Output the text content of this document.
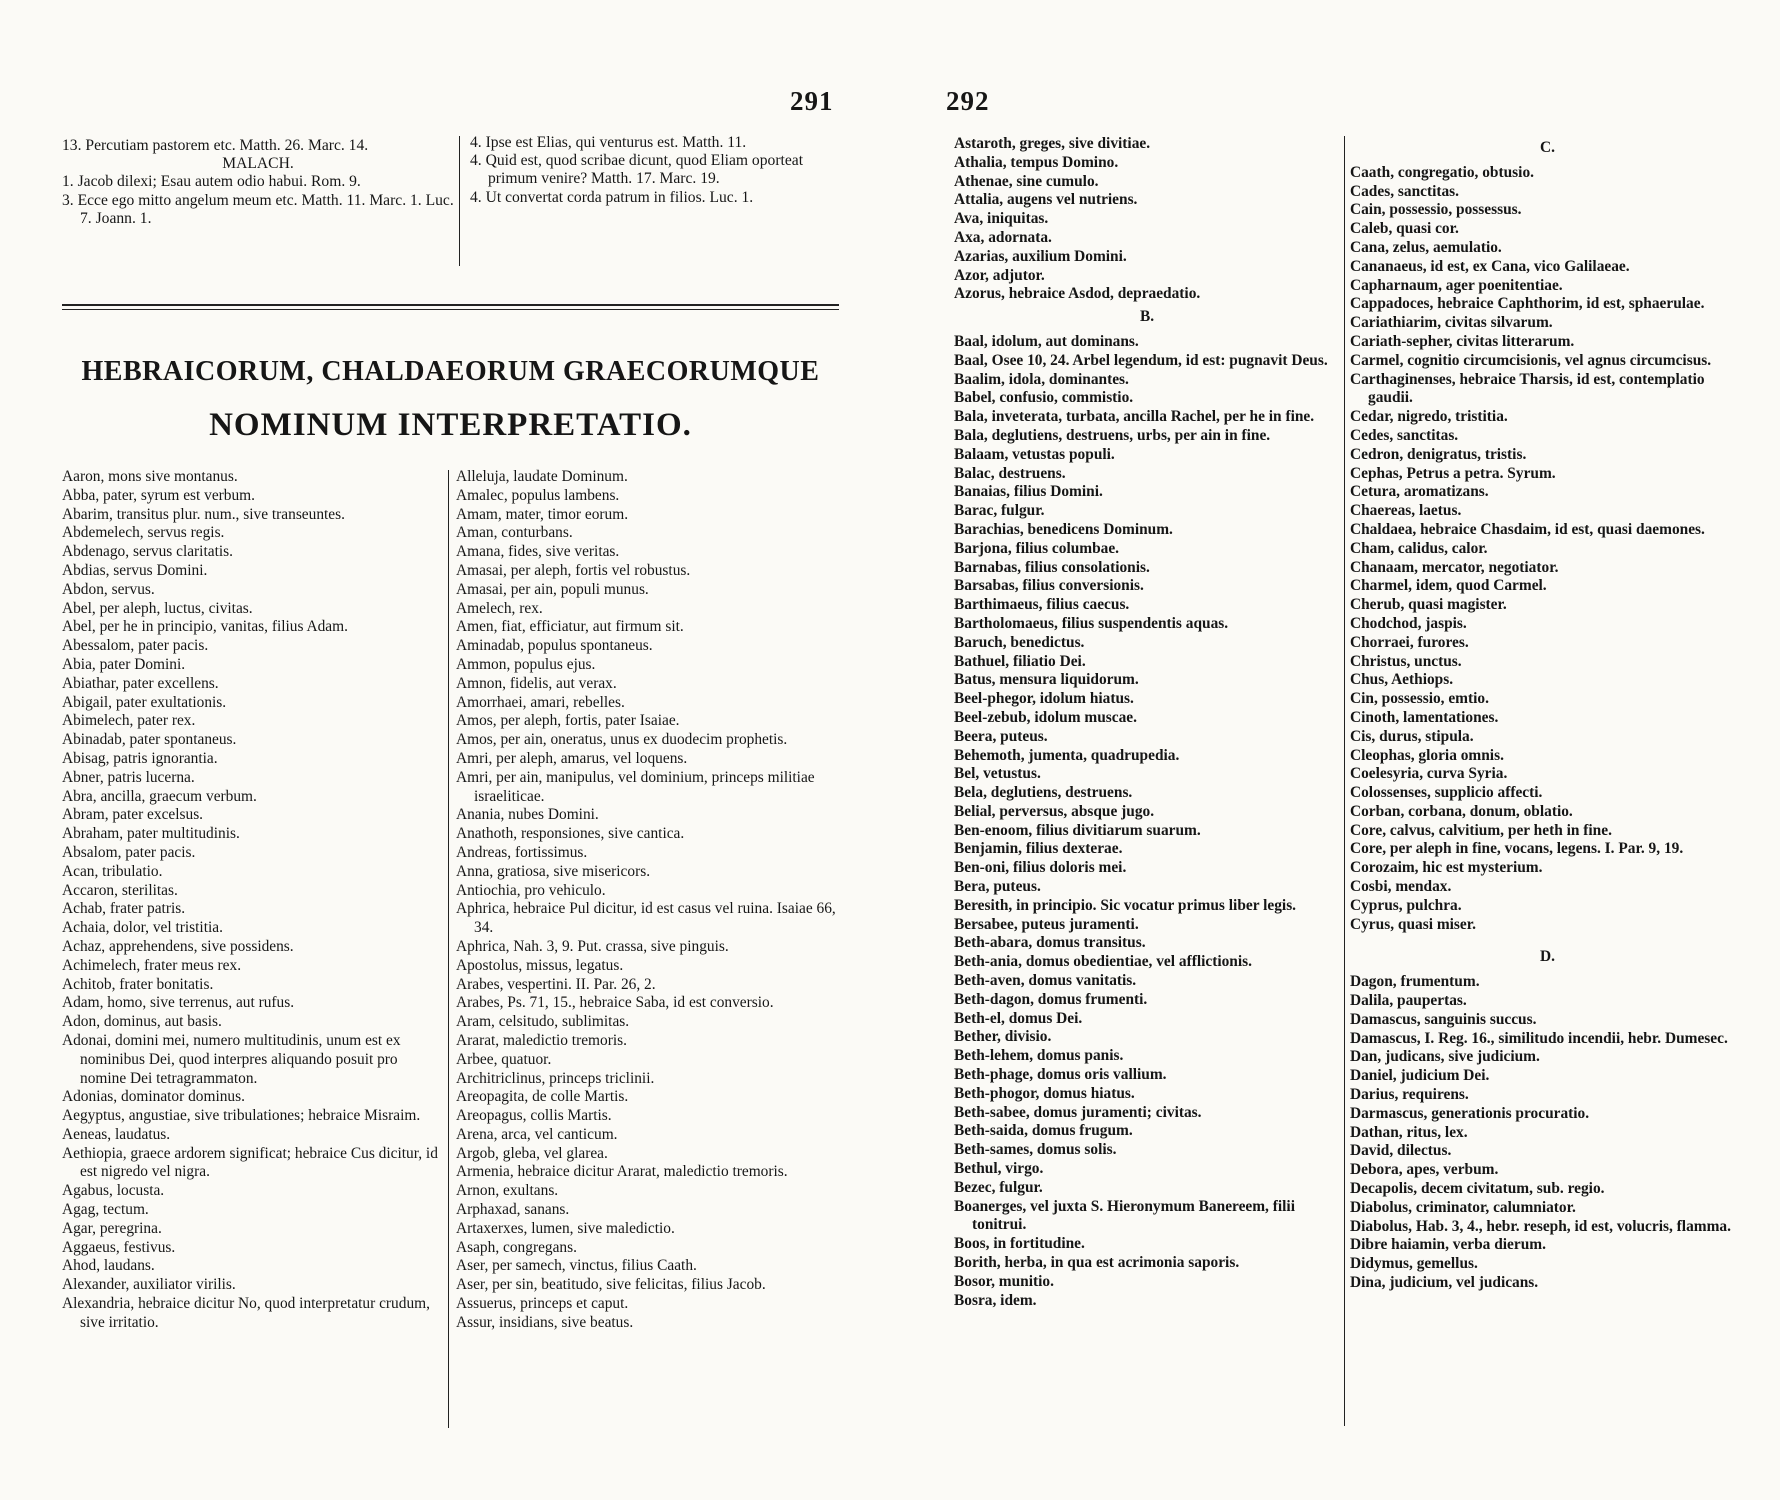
291	292
13. Percutiam pastorem etc. Matth. 26. Marc. 14.
MALACH.
1. Jacob dilexi; Esau autem odio habui. Rom. 9.
3. Ecce ego mitto angelum meum etc. Matth. 11. Marc. 1. Luc. 7. Joann. 1.
4. Ipse est Elias, qui venturus est. Matth. 11.
4. Quid est, quod scribae dicunt, quod Eliam oporteat primum venire? Matth. 17. Marc. 19.
4. Ut convertat corda patrum in filios. Luc. 1.
HEBRAICORUM, CHALDAEORUM GRAECORUMQUE
NOMINUM INTERPRETATIO.
Aaron, mons sive montanus.
Abba, pater, syrum est verbum.
Abarim, transitus plur. num., sive transeuntes.
Abdemelech, servus regis.
Abdenago, servus claritatis.
Abdias, servus Domini.
Abdon, servus.
Abel, per aleph, luctus, civitas.
Abel, per he in principio, vanitas, filius Adam.
Abessalom, pater pacis.
Abia, pater Domini.
Abiathar, pater excellens.
Abigail, pater exultationis.
Abimelech, pater rex.
Abinadab, pater spontaneus.
Abisag, patris ignorantia.
Abner, patris lucerna.
Abra, ancilla, graecum verbum.
Abram, pater excelsus.
Abraham, pater multitudinis.
Absalom, pater pacis.
Acan, tribulatio.
Accaron, sterilitas.
Achab, frater patris.
Achaia, dolor, vel tristitia.
Achaz, apprehendens, sive possidens.
Achimelech, frater meus rex.
Achitob, frater bonitatis.
Adam, homo, sive terrenus, aut rufus.
Adon, dominus, aut basis.
Adonai, domini mei, numero multitudinis, unum est ex nominibus Dei, quod interpres aliquando posuit pro nomine Dei tetragrammaton.
Adonias, dominator dominus.
Aegyptus, angustiae, sive tribulationes; hebraice Misraim.
Aeneas, laudatus.
Aethiopia, graece ardorem significat; hebraice Cus dicitur, id est nigredo vel nigra.
Agabus, locusta.
Agag, tectum.
Agar, peregrina.
Aggaeus, festivus.
Ahod, laudans.
Alexander, auxiliator virilis.
Alexandria, hebraice dicitur No, quod interpretatur crudum, sive irritatio.
Alleluja, laudate Dominum.
Amalec, populus lambens.
Amam, mater, timor eorum.
Aman, conturbans.
Amana, fides, sive veritas.
Amasai, per aleph, fortis vel robustus.
Amasai, per ain, populi munus.
Amelech, rex.
Amen, fiat, efficiatur, aut firmum sit.
Aminadab, populus spontaneus.
Ammon, populus ejus.
Amnon, fidelis, aut verax.
Amorrhaei, amari, rebelles.
Amos, per aleph, fortis, pater Isaiae.
Amos, per ain, oneratus, unus ex duodecim prophetis.
Amri, per aleph, amarus, vel loquens.
Amri, per ain, manipulus, vel dominium, princeps militiae israeliticae.
Anania, nubes Domini.
Anathoth, responsiones, sive cantica.
Andreas, fortissimus.
Anna, gratiosa, sive misericors.
Antiochia, pro vehiculo.
Aphrica, hebraice Pul dicitur, id est casus vel ruina. Isaiae 66, 34.
Aphrica, Nah. 3, 9. Put. crassa, sive pinguis.
Apostolus, missus, legatus.
Arabes, vespertini. II. Par. 26, 2.
Arabes, Ps. 71, 15., hebraice Saba, id est conversio.
Aram, celsitudo, sublimitas.
Ararat, maledictio tremoris.
Arbee, quatuor.
Architriclinus, princeps triclinii.
Areopagita, de colle Martis.
Areopagus, collis Martis.
Arena, arca, vel canticum.
Argob, gleba, vel glarea.
Armenia, hebraice dicitur Ararat, maledictio tremoris.
Arnon, exultans.
Arphaxad, sanans.
Artaxerxes, lumen, sive maledictio.
Asaph, congregans.
Aser, per samech, vinctus, filius Caath.
Aser, per sin, beatitudo, sive felicitas, filius Jacob.
Assuerus, princeps et caput.
Assur, insidians, sive beatus.
Astaroth, greges, sive divitiae.
Athalia, tempus Domino.
Athenae, sine cumulo.
Attalia, augens vel nutriens.
Ava, iniquitas.
Axa, adornata.
Azarias, auxilium Domini.
Azor, adjutor.
Azorus, hebraice Asdod, depraedatio.
B.
Baal, idolum, aut dominans.
Baal, Osee 10, 24. Arbel legendum, id est: pugnavit Deus.
Baalim, idola, dominantes.
Babel, confusio, commistio.
Bala, inveterata, turbata, ancilla Rachel, per he in fine.
Bala, deglutiens, destruens, urbs, per ain in fine.
Balaam, vetustas populi.
Balac, destruens.
Banaias, filius Domini.
Barac, fulgur.
Barachias, benedicens Dominum.
Barjona, filius columbae.
Barnabas, filius consolationis.
Barsabas, filius conversionis.
Barthimaeus, filius caecus.
Bartholomaeus, filius suspendentis aquas.
Baruch, benedictus.
Bathuel, filiatio Dei.
Batus, mensura liquidorum.
Beel-phegor, idolum hiatus.
Beel-zebub, idolum muscae.
Beera, puteus.
Behemoth, jumenta, quadrupedia.
Bel, vetustus.
Bela, deglutiens, destruens.
Belial, perversus, absque jugo.
Ben-enoom, filius divitiarum suarum.
Benjamin, filius dexterae.
Ben-oni, filius doloris mei.
Bera, puteus.
Beresith, in principio. Sic vocatur primus liber legis.
Bersabee, puteus juramenti.
Beth-abara, domus transitus.
Beth-ania, domus obedientiae, vel afflictionis.
Beth-aven, domus vanitatis.
Beth-dagon, domus frumenti.
Beth-el, domus Dei.
Bether, divisio.
Beth-lehem, domus panis.
Beth-phage, domus oris vallium.
Beth-phogor, domus hiatus.
Beth-sabee, domus juramenti; civitas.
Beth-saida, domus frugum.
Beth-sames, domus solis.
Bethul, virgo.
Bezec, fulgur.
Boanerges, vel juxta S. Hieronymum Banereem, filii tonitrui.
Boos, in fortitudine.
Borith, herba, in qua est acrimonia saporis.
Bosor, munitio.
Bosra, idem.
C.
Caath, congregatio, obtusio.
Cades, sanctitas.
Cain, possessio, possessus.
Caleb, quasi cor.
Cana, zelus, aemulatio.
Cananaeus, id est, ex Cana, vico Galilaeae.
Capharnaum, ager poenitentiae.
Cappadoces, hebraice Caphthorim, id est, sphaerulae.
Cariathiarim, civitas silvarum.
Cariath-sepher, civitas litterarum.
Carmel, cognitio circumcisionis, vel agnus circumcisus.
Carthaginenses, hebraice Tharsis, id est, contemplatio gaudii.
Cedar, nigredo, tristitia.
Cedes, sanctitas.
Cedron, denigratus, tristis.
Cephas, Petrus a petra. Syrum.
Cetura, aromatizans.
Chaereas, laetus.
Chaldaea, hebraice Chasdaim, id est, quasi daemones.
Cham, calidus, calor.
Chanaam, mercator, negotiator.
Charmel, idem, quod Carmel.
Cherub, quasi magister.
Chodchod, jaspis.
Chorraei, furores.
Christus, unctus.
Chus, Aethiops.
Cin, possessio, emtio.
Cinoth, lamentationes.
Cis, durus, stipula.
Cleophas, gloria omnis.
Coelesyria, curva Syria.
Colossenses, supplicio affecti.
Corban, corbana, donum, oblatio.
Core, calvus, calvitium, per heth in fine.
Core, per aleph in fine, vocans, legens. I. Par. 9, 19.
Corozaim, hic est mysterium.
Cosbi, mendax.
Cyprus, pulchra.
Cyrus, quasi miser.
D.
Dagon, frumentum.
Dalila, paupertas.
Damascus, sanguinis succus.
Damascus, I. Reg. 16., similitudo incendii, hebr. Dumesec.
Dan, judicans, sive judicium.
Daniel, judicium Dei.
Darius, requirens.
Darmascus, generationis procuratio.
Dathan, ritus, lex.
David, dilectus.
Debora, apes, verbum.
Decapolis, decem civitatum, sub. regio.
Diabolus, criminator, calumniator.
Diabolus, Hab. 3, 4., hebr. reseph, id est, volucris, flamma.
Dibre haiamin, verba dierum.
Didymus, gemellus.
Dina, judicium, vel judicans.
